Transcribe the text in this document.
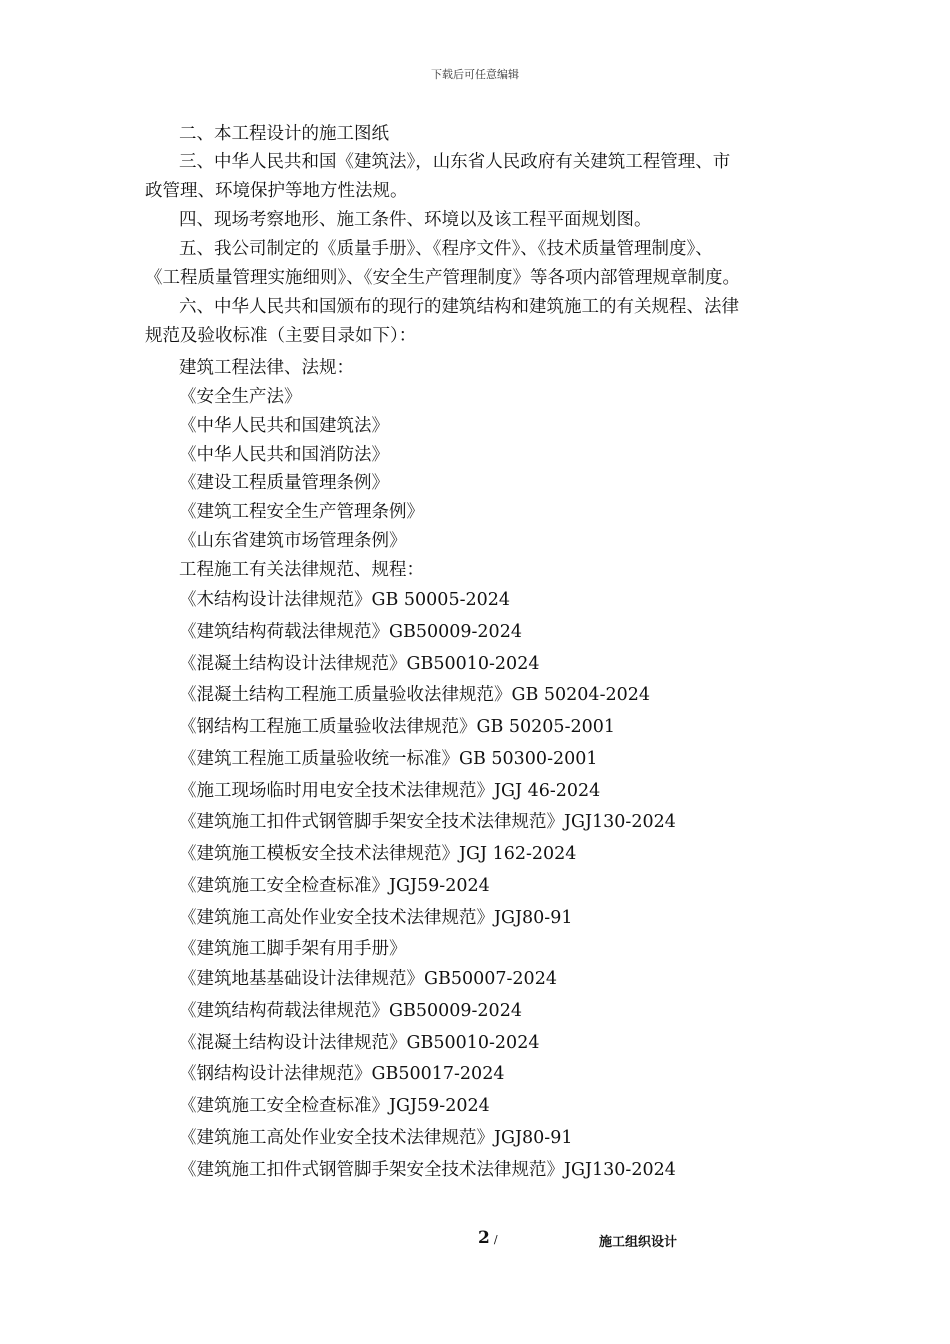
下载后可任意编辑

二、本工程设计的施工图纸

三、中华人民共和国《建筑法》，山东省人民政府有关建筑工程管理、市

政管理、环境保护等地方性法规。

四、现场考察地形、施工条件、环境以及该工程平面规划图。

五、我公司制定的《质量手册》、《程序文件》、《技术质量管理制度》、

《工程质量管理实施细则》、《安全生产管理制度》等各项内部管理规章制度。

六、中华人民共和国颁布的现行的建筑结构和建筑施工的有关规程、法律

规范及验收标准（主要目录如下）：

建筑工程法律、法规：
《安全生产法》
《中华人民共和国建筑法》
《中华人民共和国消防法》
《建设工程质量管理条例》
《建筑工程安全生产管理条例》
《山东省建筑市场管理条例》
工程施工有关法律规范、规程：
《木结构设计法律规范》GB 50005-2024
《建筑结构荷载法律规范》GB50009-2024
《混凝土结构设计法律规范》GB50010-2024
《混凝土结构工程施工质量验收法律规范》GB 50204-2024
《钢结构工程施工质量验收法律规范》GB 50205-2001
《建筑工程施工质量验收统一标准》GB 50300-2001
《施工现场临时用电安全技术法律规范》JGJ 46-2024
《建筑施工扣件式钢管脚手架安全技术法律规范》JGJ130-2024
《建筑施工模板安全技术法律规范》JGJ 162-2024
《建筑施工安全检查标准》JGJ59-2024
《建筑施工高处作业安全技术法律规范》JGJ80-91
《建筑施工脚手架有用手册》
《建筑地基基础设计法律规范》GB50007-2024
《建筑结构荷载法律规范》GB50009-2024
《混凝土结构设计法律规范》GB50010-2024
《钢结构设计法律规范》GB50017-2024
《建筑施工安全检查标准》JGJ59-2024
《建筑施工高处作业安全技术法律规范》JGJ80-91
《建筑施工扣件式钢管脚手架安全技术法律规范》JGJ130-2024
2 /	施工组织设计
